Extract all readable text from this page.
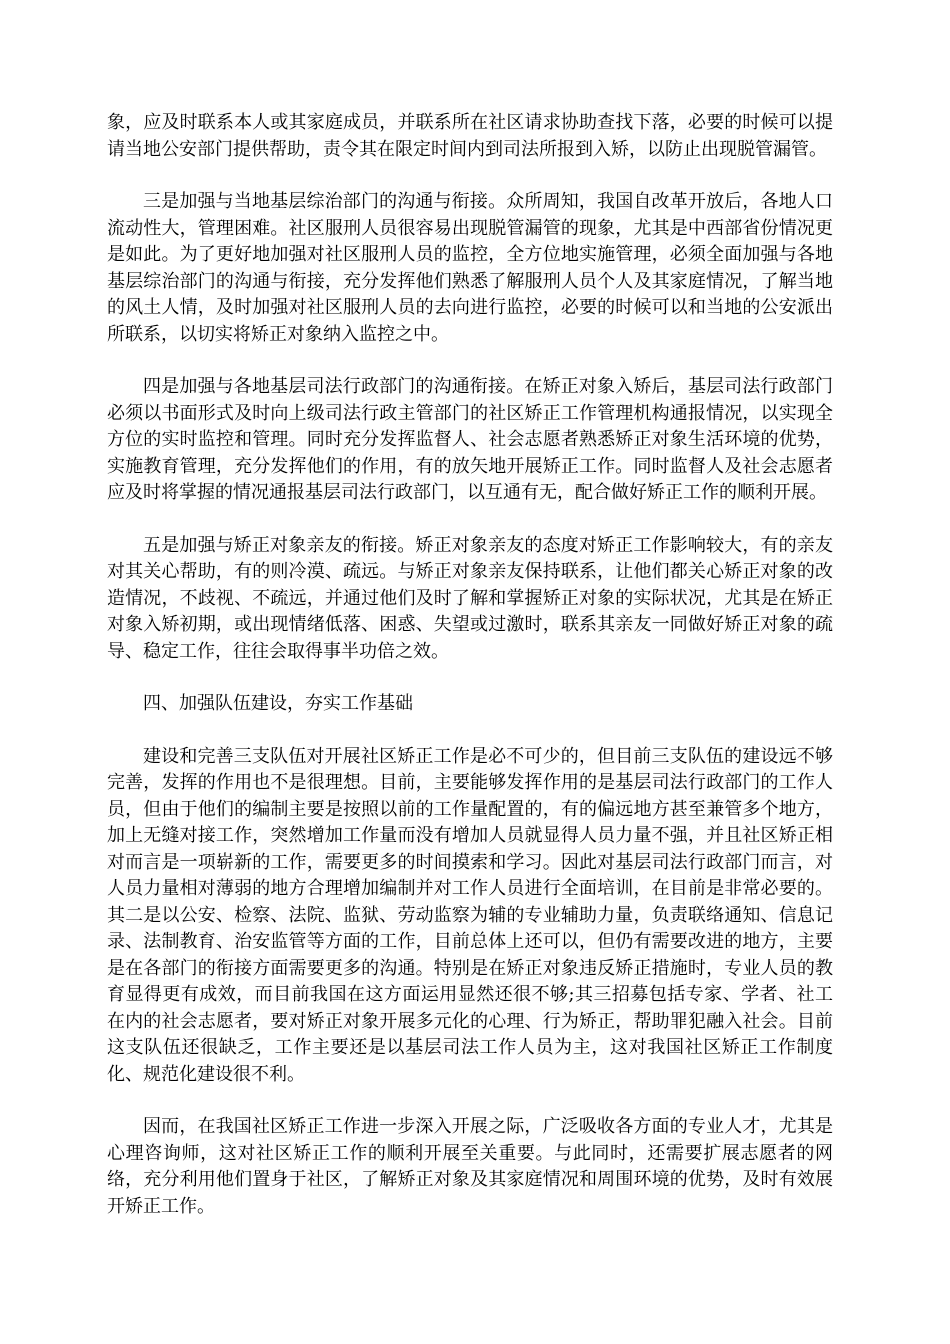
象，应及时联系本人或其家庭成员，并联系所在社区请求协助查找下落，必要的时候可以提请当地公安部门提供帮助，责令其在限定时间内到司法所报到入矫，以防止出现脱管漏管。

三是加强与当地基层综治部门的沟通与衔接。众所周知，我国自改革开放后，各地人口流动性大，管理困难。社区服刑人员很容易出现脱管漏管的现象，尤其是中西部省份情况更是如此。为了更好地加强对社区服刑人员的监控，全方位地实施管理，必须全面加强与各地基层综治部门的沟通与衔接，充分发挥他们熟悉了解服刑人员个人及其家庭情况，了解当地的风土人情，及时加强对社区服刑人员的去向进行监控，必要的时候可以和当地的公安派出所联系，以切实将矫正对象纳入监控之中。

四是加强与各地基层司法行政部门的沟通衔接。在矫正对象入矫后，基层司法行政部门必须以书面形式及时向上级司法行政主管部门的社区矫正工作管理机构通报情况，以实现全方位的实时监控和管理。同时充分发挥监督人、社会志愿者熟悉矫正对象生活环境的优势，实施教育管理，充分发挥他们的作用，有的放矢地开展矫正工作。同时监督人及社会志愿者应及时将掌握的情况通报基层司法行政部门，以互通有无，配合做好矫正工作的顺利开展。

五是加强与矫正对象亲友的衔接。矫正对象亲友的态度对矫正工作影响较大，有的亲友对其关心帮助，有的则冷漠、疏远。与矫正对象亲友保持联系，让他们都关心矫正对象的改造情况，不歧视、不疏远，并通过他们及时了解和掌握矫正对象的实际状况，尤其是在矫正对象入矫初期，或出现情绪低落、困惑、失望或过激时，联系其亲友一同做好矫正对象的疏导、稳定工作，往往会取得事半功倍之效。

四、加强队伍建设，夯实工作基础

建设和完善三支队伍对开展社区矫正工作是必不可少的，但目前三支队伍的建设远不够完善，发挥的作用也不是很理想。目前，主要能够发挥作用的是基层司法行政部门的工作人员，但由于他们的编制主要是按照以前的工作量配置的，有的偏远地方甚至兼管多个地方，加上无缝对接工作，突然增加工作量而没有增加人员就显得人员力量不强，并且社区矫正相对而言是一项崭新的工作，需要更多的时间摸索和学习。因此对基层司法行政部门而言，对人员力量相对薄弱的地方合理增加编制并对工作人员进行全面培训，在目前是非常必要的。其二是以公安、检察、法院、监狱、劳动监察为辅的专业辅助力量，负责联络通知、信息记录、法制教育、治安监管等方面的工作，目前总体上还可以，但仍有需要改进的地方，主要是在各部门的衔接方面需要更多的沟通。特别是在矫正对象违反矫正措施时，专业人员的教育显得更有成效，而目前我国在这方面运用显然还很不够;其三招募包括专家、学者、社工在内的社会志愿者，要对矫正对象开展多元化的心理、行为矫正，帮助罪犯融入社会。目前这支队伍还很缺乏，工作主要还是以基层司法工作人员为主，这对我国社区矫正工作制度化、规范化建设很不利。

因而，在我国社区矫正工作进一步深入开展之际，广泛吸收各方面的专业人才，尤其是心理咨询师，这对社区矫正工作的顺利开展至关重要。与此同时，还需要扩展志愿者的网络，充分利用他们置身于社区，了解矫正对象及其家庭情况和周围环境的优势，及时有效展开矫正工作。
